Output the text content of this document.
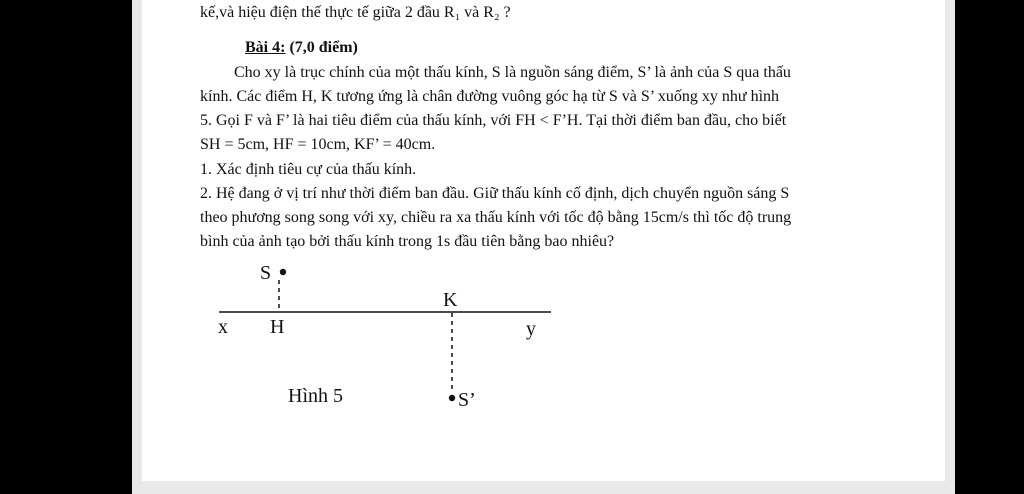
kế,và hiệu điện thế thực tế giữa 2 đầu R₁ và R₂ ?
Bài 4: (7,0 điểm)
Cho xy là trục chính của một thấu kính, S là nguồn sáng điểm, S’ là ảnh của S qua thấu
kính. Các điểm H, K tương ứng là chân đường vuông góc hạ từ S và S’ xuống xy như hình
5. Gọi F và F’ là hai tiêu điểm của thấu kính, với FH < F’H. Tại thời điểm ban đầu, cho biết
SH = 5cm, HF = 10cm, KF’ = 40cm.
1. Xác định tiêu cự của thấu kính.
2. Hệ đang ở vị trí như thời điểm ban đầu. Giữ thấu kính cố định, dịch chuyển nguồn sáng S
theo phương song song với xy, chiều ra xa thấu kính với tốc độ bằng 15cm/s thì tốc độ trung
bình của ảnh tạo bởi thấu kính trong 1s đầu tiên bằng bao nhiêu?
S
K
x H	y
Hình 5	S’
